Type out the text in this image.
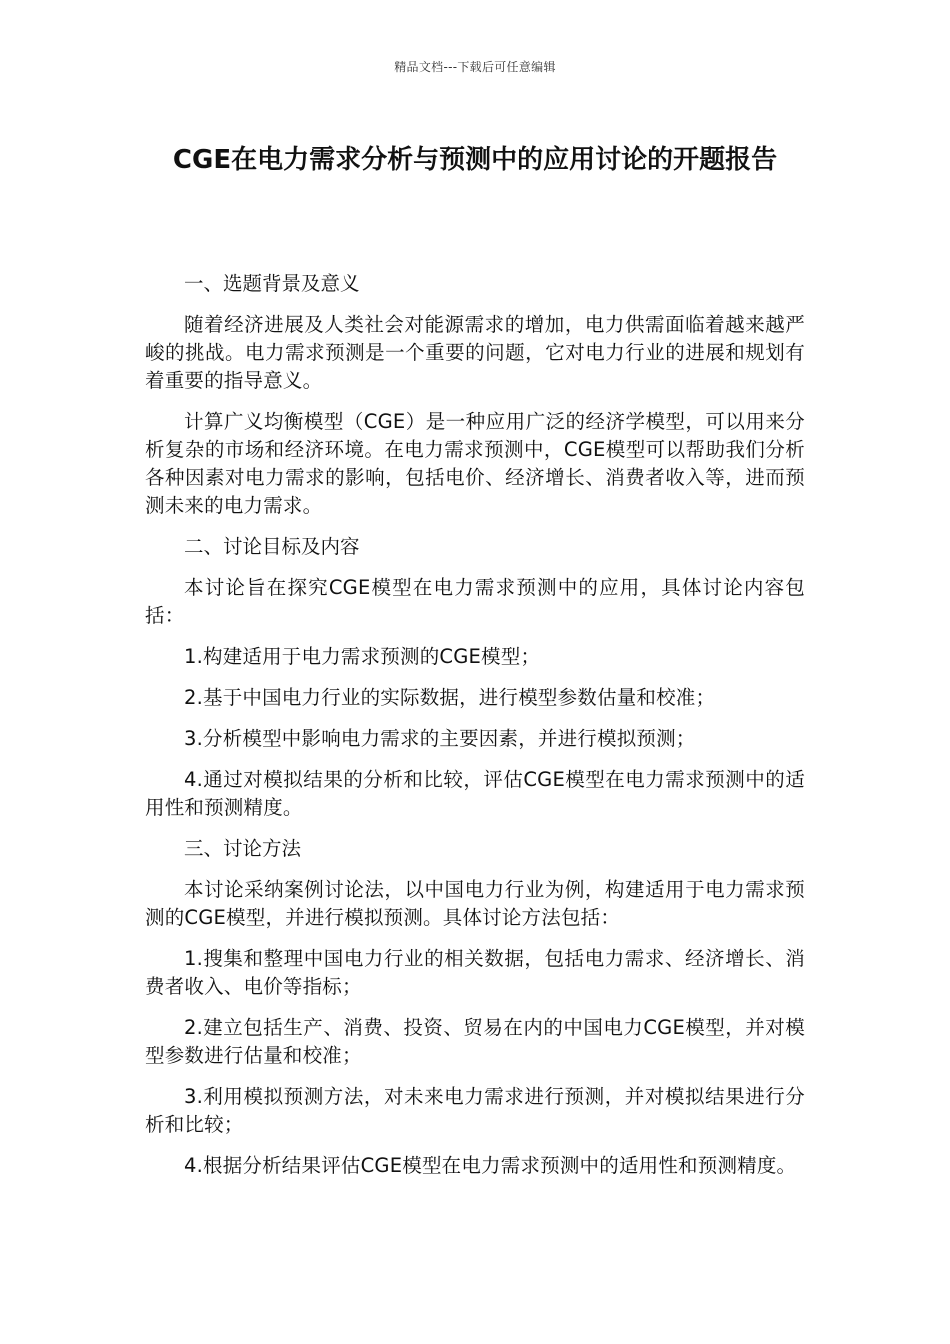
精品文档---下载后可任意编辑
CGE在电力需求分析与预测中的应用讨论的开题报告

一、选题背景及意义

随着经济进展及人类社会对能源需求的增加，电力供需面临着越来越严峻的挑战。电力需求预测是一个重要的问题，它对电力行业的进展和规划有着重要的指导意义。

计算广义均衡模型（CGE）是一种应用广泛的经济学模型，可以用来分析复杂的市场和经济环境。在电力需求预测中，CGE模型可以帮助我们分析各种因素对电力需求的影响，包括电价、经济增长、消费者收入等，进而预测未来的电力需求。

二、讨论目标及内容

本讨论旨在探究CGE模型在电力需求预测中的应用，具体讨论内容包括：

1.构建适用于电力需求预测的CGE模型；

2.基于中国电力行业的实际数据，进行模型参数估量和校准；

3.分析模型中影响电力需求的主要因素，并进行模拟预测；

4.通过对模拟结果的分析和比较，评估CGE模型在电力需求预测中的适用性和预测精度。

三、讨论方法

本讨论采纳案例讨论法，以中国电力行业为例，构建适用于电力需求预测的CGE模型，并进行模拟预测。具体讨论方法包括：

1.搜集和整理中国电力行业的相关数据，包括电力需求、经济增长、消费者收入、电价等指标；

2.建立包括生产、消费、投资、贸易在内的中国电力CGE模型，并对模型参数进行估量和校准；

3.利用模拟预测方法，对未来电力需求进行预测，并对模拟结果进行分析和比较；

4.根据分析结果评估CGE模型在电力需求预测中的适用性和预测精度。
